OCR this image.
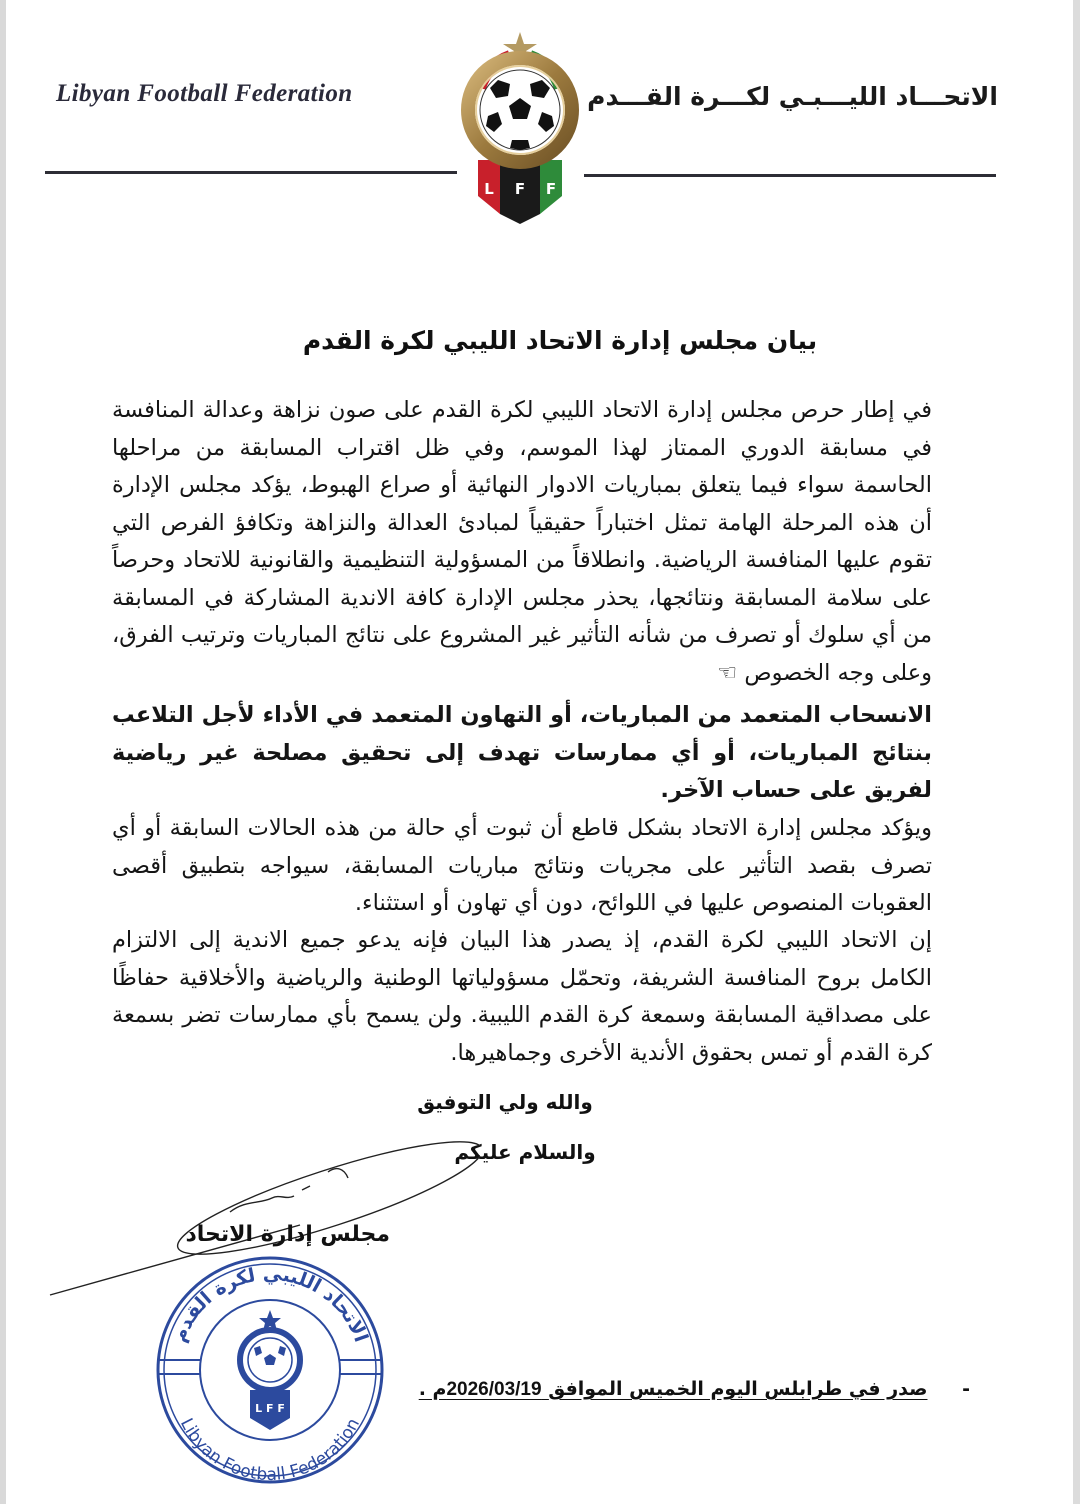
Libyan Football Federation	الاتحـــاد الليـــبـي لكـــرة القـــدم
L F F
بيان مجلس إدارة الاتحاد الليبي لكرة القدم
في إطار حرص مجلس إدارة الاتحاد الليبي لكرة القدم على صون نزاهة وعدالة المنافسة في مسابقة الدوري الممتاز لهذا الموسم، وفي ظل اقتراب المسابقة من مراحلها الحاسمة سواء فيما يتعلق بمباريات الادوار النهائية أو صراع الهبوط، يؤكد مجلس الإدارة أن هذه المرحلة الهامة تمثل اختباراً حقيقياً لمبادئ العدالة والنزاهة وتكافؤ الفرص التي تقوم عليها المنافسة الرياضية. وانطلاقاً من المسؤولية التنظيمية والقانونية للاتحاد وحرصاً على سلامة المسابقة ونتائجها، يحذر مجلس الإدارة كافة الاندية المشاركة في المسابقة من أي سلوك أو تصرف من شأنه التأثير غير المشروع على نتائج المباريات وترتيب الفرق، وعلى وجه الخصوص ☜
الانسحاب المتعمد من المباريات، أو التهاون المتعمد في الأداء لأجل التلاعب بنتائج المباريات، أو أي ممارسات تهدف إلى تحقيق مصلحة غير رياضية لفريق على حساب الآخر.
ويؤكد مجلس إدارة الاتحاد بشكل قاطع أن ثبوت أي حالة من هذه الحالات السابقة أو أي تصرف بقصد التأثير على مجريات ونتائج مباريات المسابقة، سيواجه بتطبيق أقصى العقوبات المنصوص عليها في اللوائح، دون أي تهاون أو استثناء.
إن الاتحاد الليبي لكرة القدم، إذ يصدر هذا البيان فإنه يدعو جميع الاندية إلى الالتزام الكامل بروح المنافسة الشريفة، وتحمّل مسؤولياتها الوطنية والرياضية والأخلاقية حفاظًا على مصداقية المسابقة وسمعة كرة القدم الليبية. ولن يسمح بأي ممارسات تضر بسمعة كرة القدم أو تمس بحقوق الأندية الأخرى وجماهيرها.
والله ولي التوفيق
والسلام عليكم
مجلس إدارة الاتحاد
الاتحاد الليبي لكرة القدم
Libyan Football Federation
L F F
- صدر في طرابلس اليوم الخميس الموافق 2026/03/19م .
